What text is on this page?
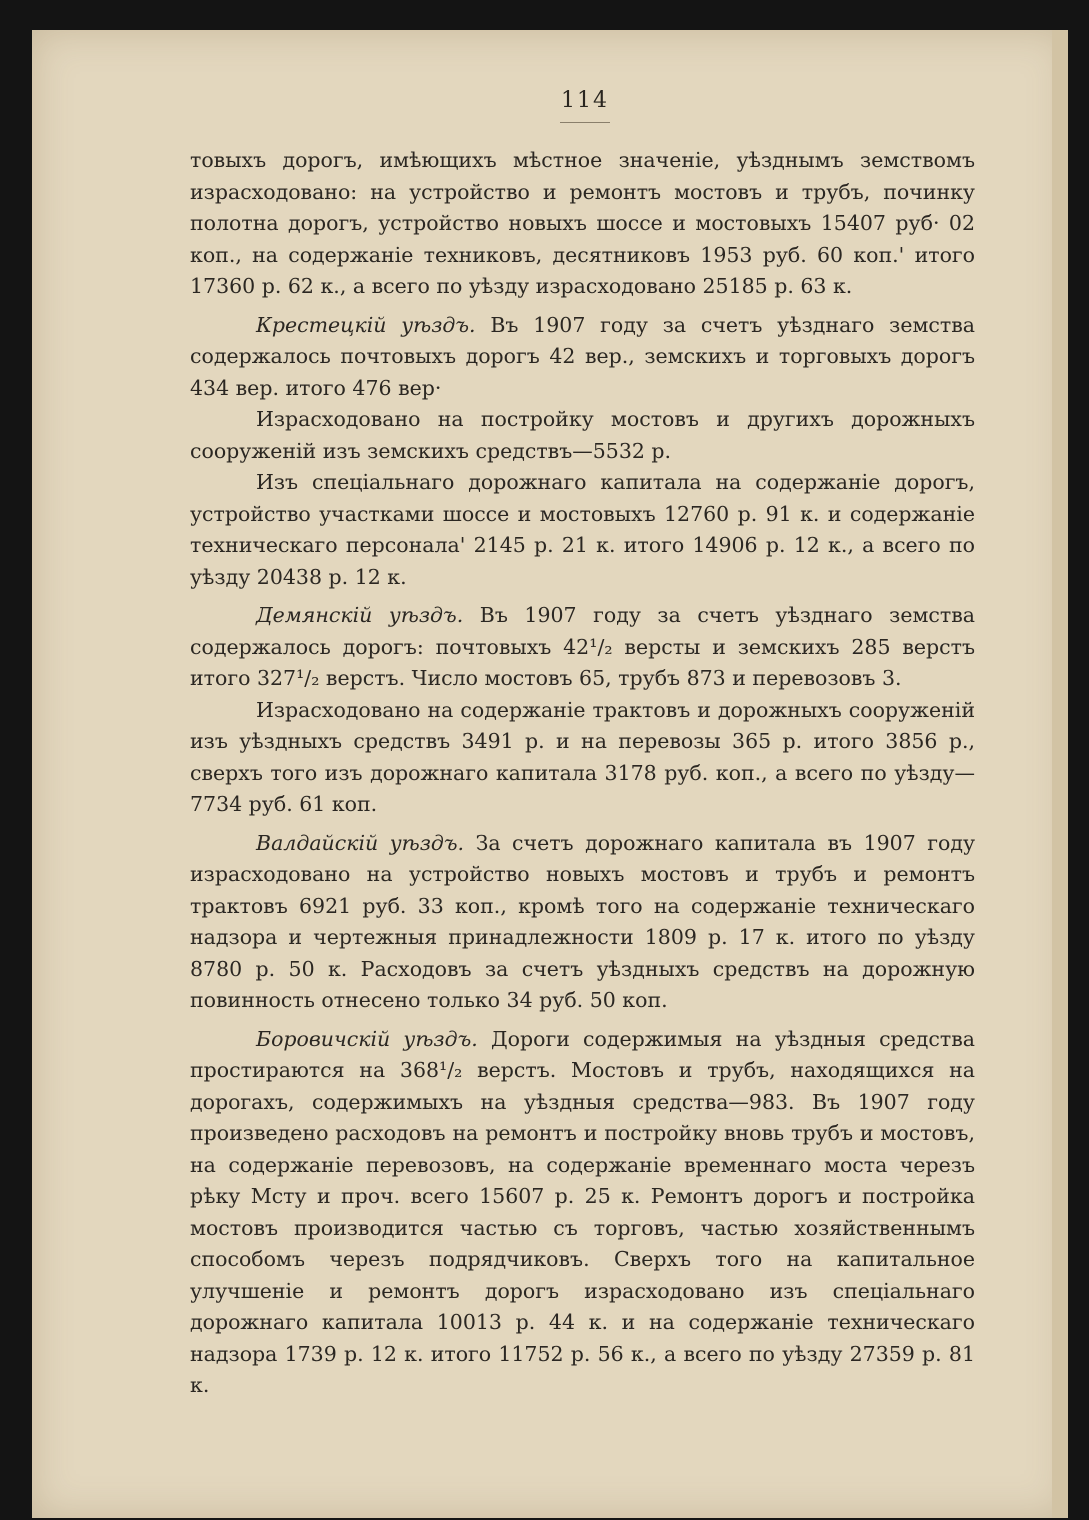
114

товыхъ дорогъ, имѣющихъ мѣстное значеніе, уѣзднымъ земствомъ израсходовано: на устройство и ремонтъ мостовъ и трубъ, починку полотна дорогъ, устройство новыхъ шоссе и мостовыхъ 15407 руб· 02 коп., на содержаніе техниковъ, десятниковъ 1953 руб. 60 коп.' итого 17360 р. 62 к., а всего по уѣзду израсходовано 25185 р. 63 к.

Крестецкій уѣздъ. Въ 1907 году за счетъ уѣзднаго земства содержалось почтовыхъ дорогъ 42 вер., земскихъ и торговыхъ дорогъ 434 вер. итого 476 вер·

Израсходовано на постройку мостовъ и другихъ дорожныхъ сооруженій изъ земскихъ средствъ—5532 р.

Изъ спеціальнаго дорожнаго капитала на содержаніе дорогъ, устройство участками шоссе и мостовыхъ 12760 р. 91 к. и содержаніе техническаго персонала' 2145 р. 21 к. итого 14906 р. 12 к., а всего по уѣзду 20438 р. 12 к.

Демянскій уѣздъ. Въ 1907 году за счетъ уѣзднаго земства содержалось дорогъ: почтовыхъ 42¹/₂ версты и земскихъ 285 верстъ итого 327¹/₂ верстъ. Число мостовъ 65, трубъ 873 и перевозовъ 3.

Израсходовано на содержаніе трактовъ и дорожныхъ сооруженій изъ уѣздныхъ средствъ 3491 р. и на перевозы 365 р. итого 3856 р., сверхъ того изъ дорожнаго капитала 3178 руб. коп., а всего по уѣзду—7734 руб. 61 коп.

Валдайскій уѣздъ. За счетъ дорожнаго капитала въ 1907 году израсходовано на устройство новыхъ мостовъ и трубъ и ремонтъ трактовъ 6921 руб. 33 коп., кромѣ того на содержаніе техническаго надзора и чертежныя принадлежности 1809 р. 17 к. итого по уѣзду 8780 р. 50 к. Расходовъ за счетъ уѣздныхъ средствъ на дорожную повинность отнесено только 34 руб. 50 коп.

Боровичскій уѣздъ. Дороги содержимыя на уѣздныя средства простираются на 368¹/₂ верстъ. Мостовъ и трубъ, находящихся на дорогахъ, содержимыхъ на уѣздныя средства—983. Въ 1907 году произведено расходовъ на ремонтъ и постройку вновь трубъ и мостовъ, на содержаніе перевозовъ, на содержаніе временнаго моста черезъ рѣку Мсту и проч. всего 15607 р. 25 к. Ремонтъ дорогъ и постройка мостовъ производится частью съ торговъ, частью хозяйственнымъ способомъ черезъ подрядчиковъ. Сверхъ того на капитальное улучшеніе и ремонтъ дорогъ израсходовано изъ спеціальнаго дорожнаго капитала 10013 р. 44 к. и на содержаніе техническаго надзора 1739 р. 12 к. итого 11752 р. 56 к., а всего по уѣзду 27359 р. 81 к.
